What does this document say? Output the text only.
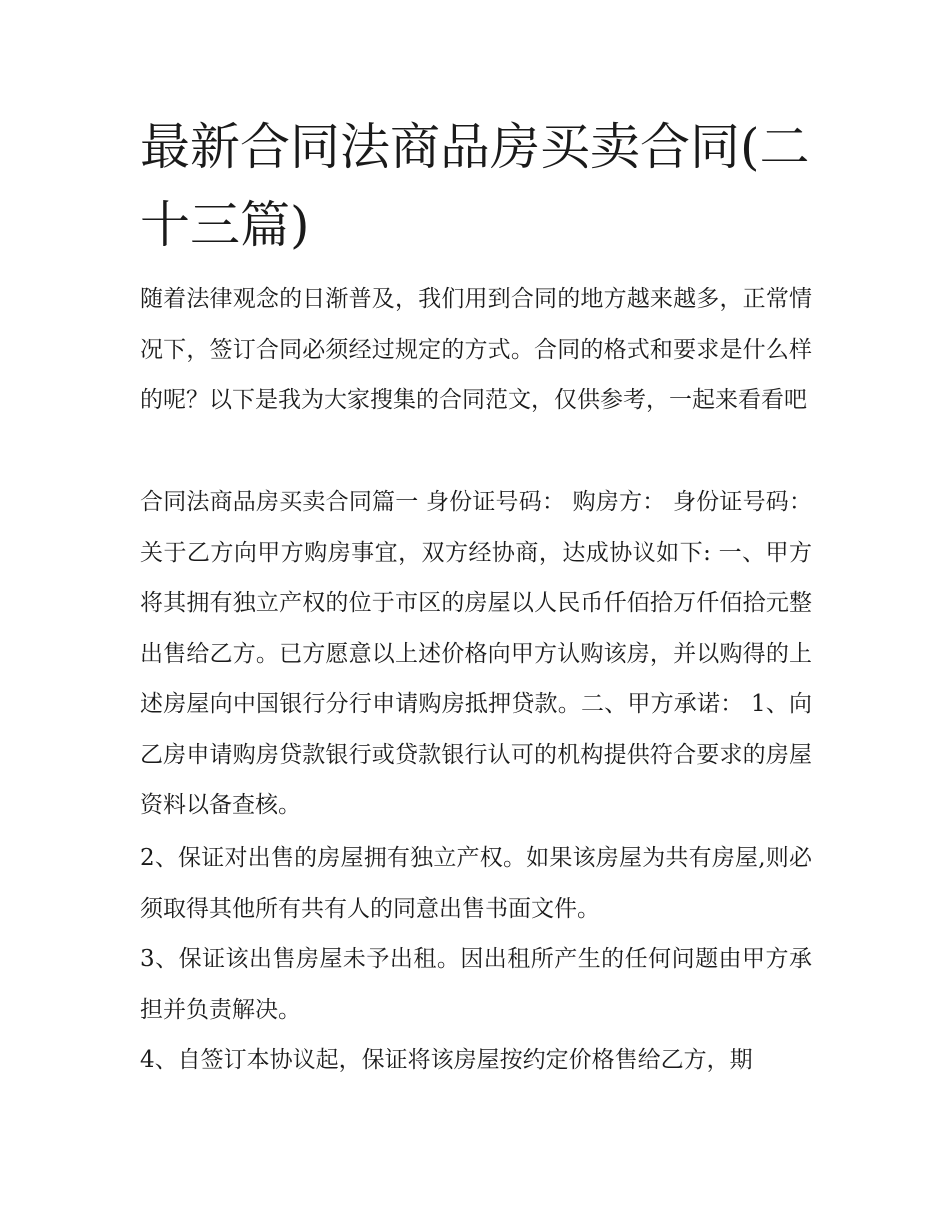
最新合同法商品房买卖合同(二十三篇)

随着法律观念的日渐普及，我们用到合同的地方越来越多，正常情况下，签订合同必须经过规定的方式。合同的格式和要求是什么样的呢？以下是我为大家搜集的合同范文，仅供参考，一起来看看吧

合同法商品房买卖合同篇一 身份证号码： 购房方： 身份证号码： 关于乙方向甲方购房事宜，双方经协商，达成协议如下: 一、甲方将其拥有独立产权的位于市区的房屋以人民币仟佰拾万仟佰拾元整出售给乙方。已方愿意以上述价格向甲方认购该房，并以购得的上述房屋向中国银行分行申请购房抵押贷款。二、甲方承诺： 1、向乙房申请购房贷款银行或贷款银行认可的机构提供符合要求的房屋资料以备查核。

2、保证对出售的房屋拥有独立产权。如果该房屋为共有房屋,则必须取得其他所有共有人的同意出售书面文件。

3、保证该出售房屋未予出租。因出租所产生的任何问题由甲方承担并负责解决。

4、自签订本协议起，保证将该房屋按约定价格售给乙方，期
